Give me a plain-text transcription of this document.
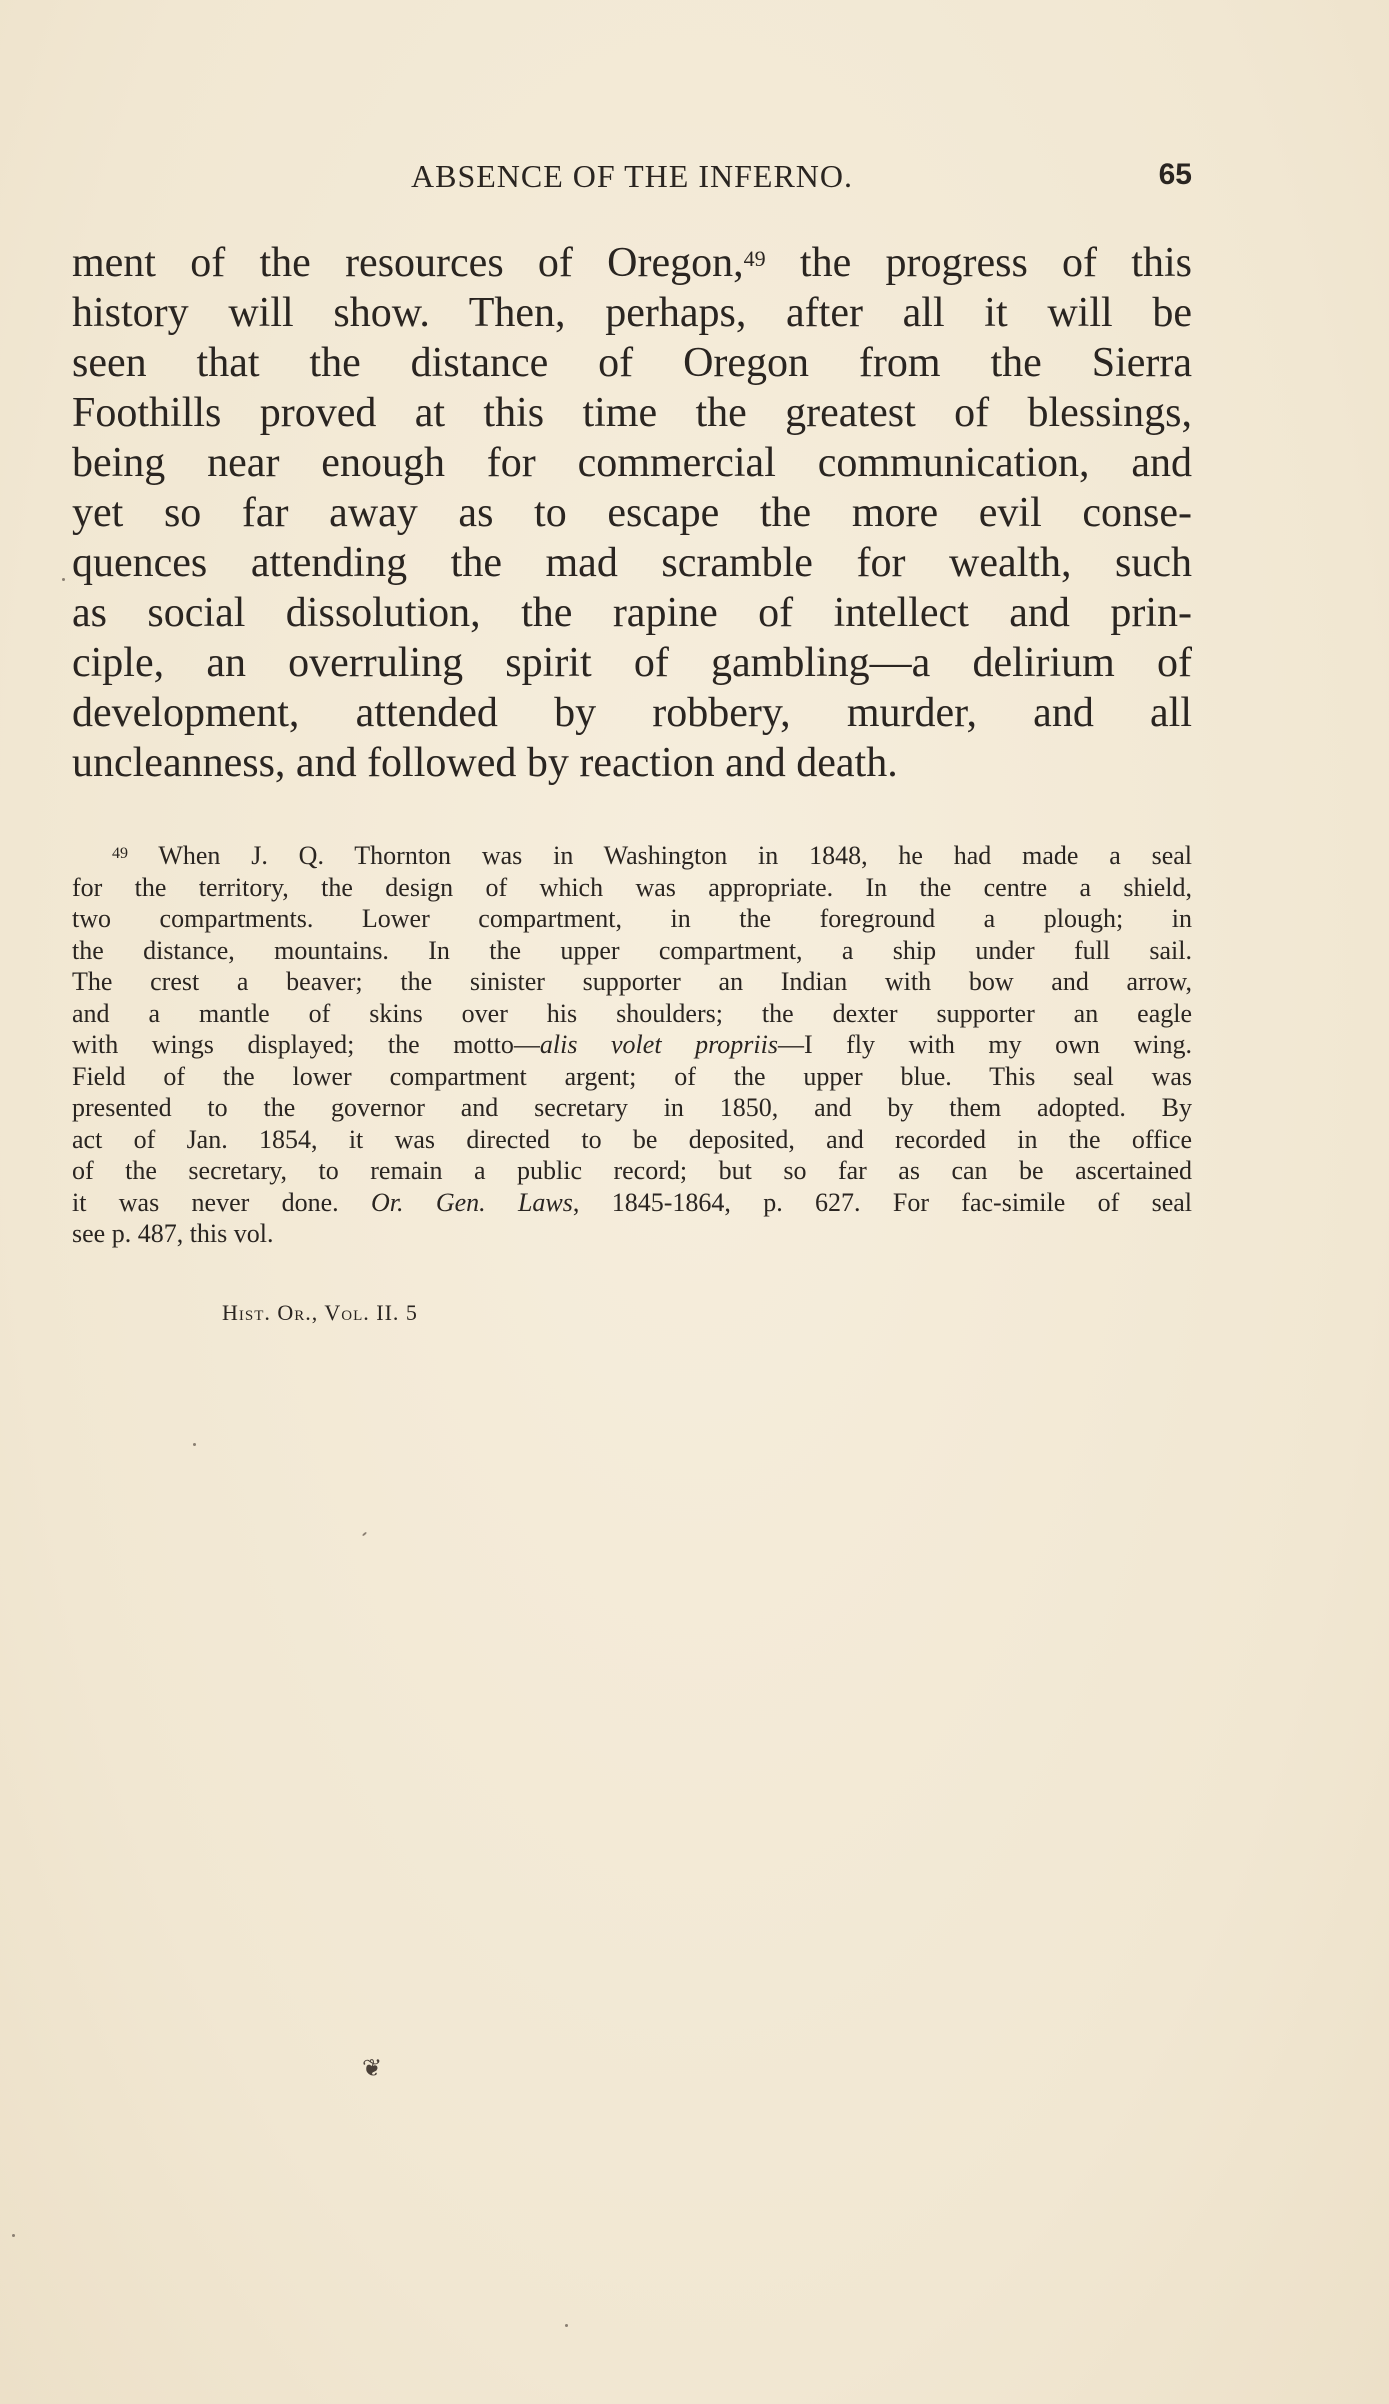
ABSENCE OF THE INFERNO.	65
ment of the resources of Oregon,$^{49}$ the progress of this
history will show. Then, perhaps, after all it will be
seen that the distance of Oregon from the Sierra
Foothills proved at this time the greatest of blessings,
being near enough for commercial communication, and
yet so far away as to escape the more evil conse-
quences attending the mad scramble for wealth, such
as social dissolution, the rapine of intellect and prin-
ciple, an overruling spirit of gambling—a delirium of
development, attended by robbery, murder, and all
uncleanness, and followed by reaction and death.
$^{49}$ When J. Q. Thornton was in Washington in 1848, he had made a seal
for the territory, the design of which was appropriate. In the centre a shield,
two compartments. Lower compartment, in the foreground a plough; in
the distance, mountains. In the upper compartment, a ship under full sail.
The crest a beaver; the sinister supporter an Indian with bow and arrow,
and a mantle of skins over his shoulders; the dexter supporter an eagle
with wings displayed; the motto—alis volet propriis—I fly with my own wing.
Field of the lower compartment argent; of the upper blue. This seal was
presented to the governor and secretary in 1850, and by them adopted. By
act of Jan. 1854, it was directed to be deposited, and recorded in the office
of the secretary, to remain a public record; but so far as can be ascertained
it was never done. Or. Gen. Laws, 1845-1864, p. 627. For fac-simile of seal
see p. 487, this vol.
Hist. Or., Vol. II. 5
❦
